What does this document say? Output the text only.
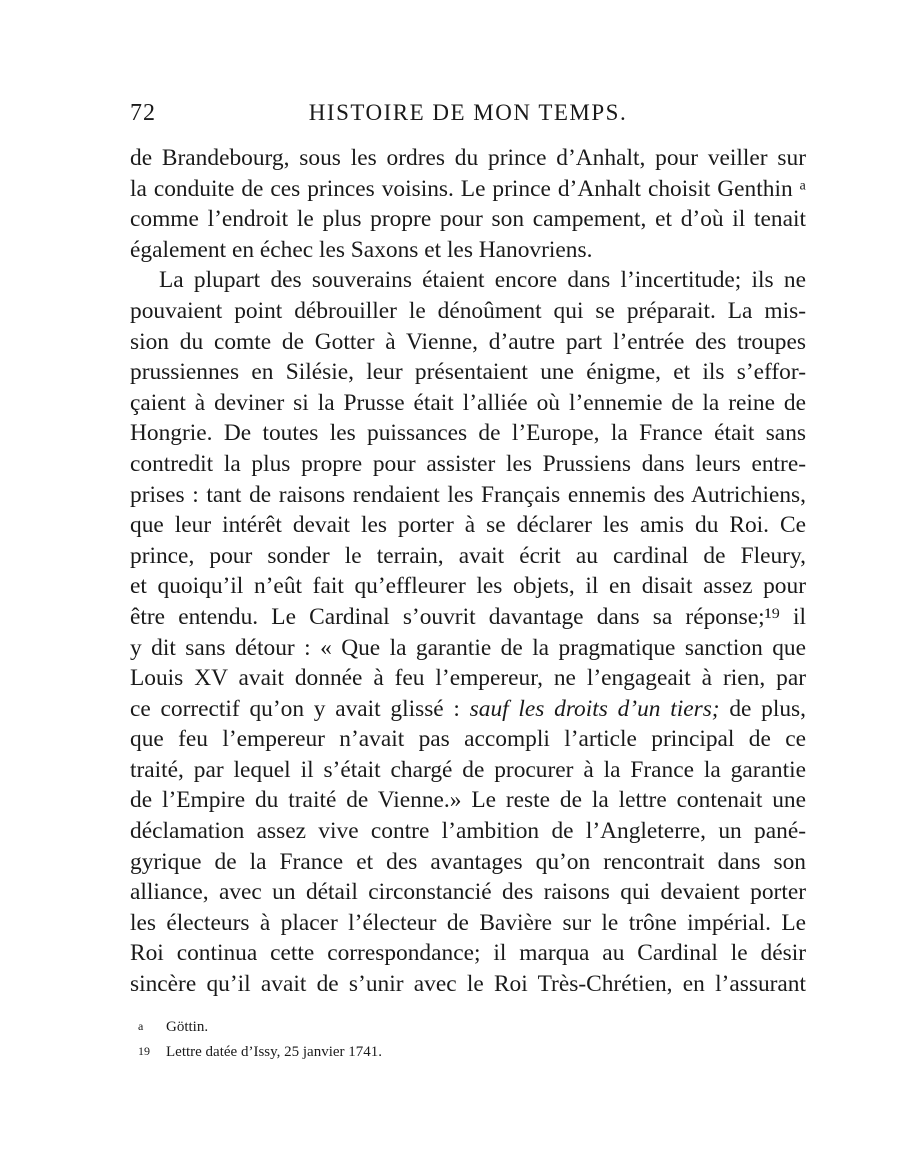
72	HISTOIRE DE MON TEMPS.
de Brandebourg, sous les ordres du prince d’Anhalt, pour veiller sur
la conduite de ces princes voisins. Le prince d’Anhalt choisit Genthin ᵃ
comme l’endroit le plus propre pour son campement, et d’où il tenait
également en échec les Saxons et les Hanovriens.
La plupart des souverains étaient encore dans l’incertitude; ils ne
pouvaient point débrouiller le dénoûment qui se préparait. La mis-
sion du comte de Gotter à Vienne, d’autre part l’entrée des troupes
prussiennes en Silésie, leur présentaient une énigme, et ils s’effor-
çaient à deviner si la Prusse était l’alliée où l’ennemie de la reine de
Hongrie. De toutes les puissances de l’Europe, la France était sans
contredit la plus propre pour assister les Prussiens dans leurs entre-
prises : tant de raisons rendaient les Français ennemis des Autrichiens,
que leur intérêt devait les porter à se déclarer les amis du Roi. Ce
prince, pour sonder le terrain, avait écrit au cardinal de Fleury,
et quoiqu’il n’eût fait qu’effleurer les objets, il en disait assez pour
être entendu. Le Cardinal s’ouvrit davantage dans sa réponse;¹⁹ il
y dit sans détour : « Que la garantie de la pragmatique sanction que
Louis XV avait donnée à feu l’empereur, ne l’engageait à rien, par
ce correctif qu’on y avait glissé : sauf les droits d’un tiers; de plus,
que feu l’empereur n’avait pas accompli l’article principal de ce
traité, par lequel il s’était chargé de procurer à la France la garantie
de l’Empire du traité de Vienne.» Le reste de la lettre contenait une
déclamation assez vive contre l’ambition de l’Angleterre, un pané-
gyrique de la France et des avantages qu’on rencontrait dans son
alliance, avec un détail circonstancié des raisons qui devaient porter
les électeurs à placer l’électeur de Bavière sur le trône impérial. Le
Roi continua cette correspondance; il marqua au Cardinal le désir
sincère qu’il avait de s’unir avec le Roi Très-Chrétien, en l’assurant
a Göttin.
19 Lettre datée d’Issy, 25 janvier 1741.
